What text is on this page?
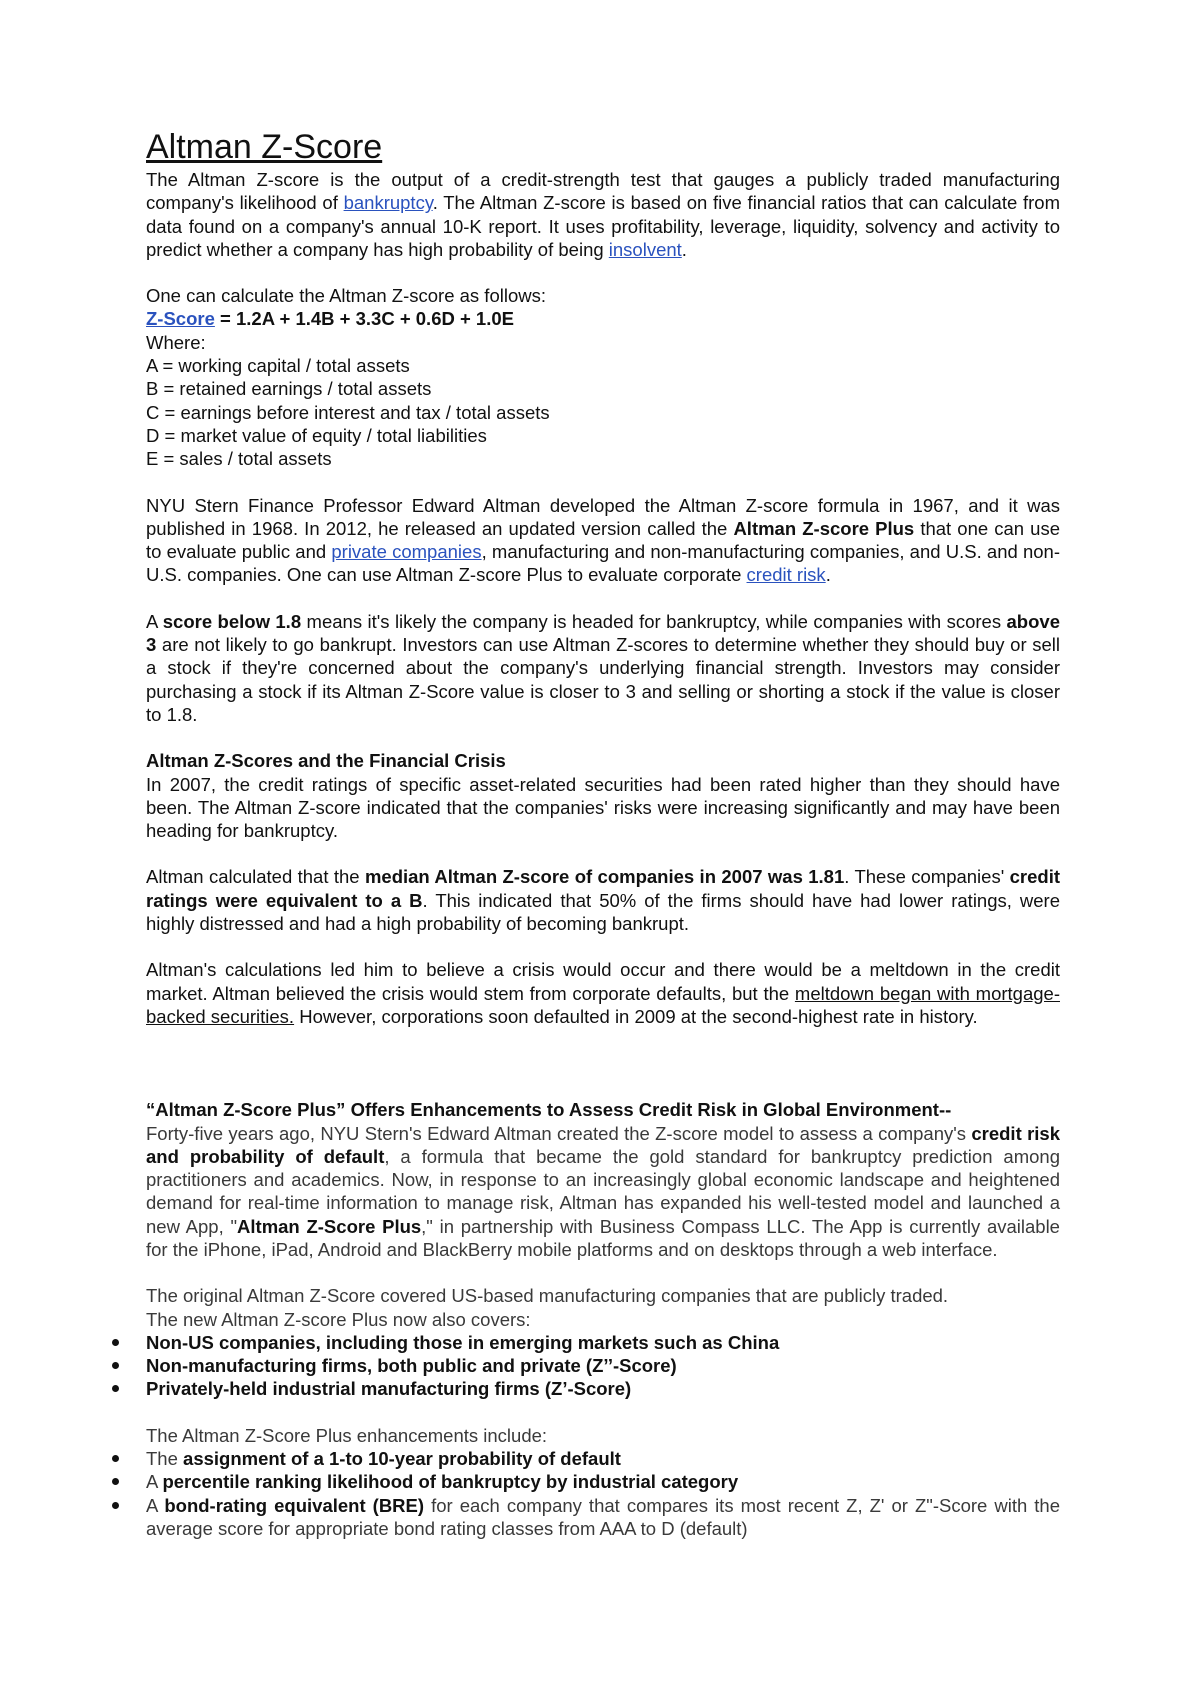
Altman Z-Score

The Altman Z-score is the output of a credit-strength test that gauges a publicly traded manufacturing company's likelihood of bankruptcy. The Altman Z-score is based on five financial ratios that can calculate from data found on a company's annual 10-K report. It uses profitability, leverage, liquidity, solvency and activity to predict whether a company has high probability of being insolvent.

One can calculate the Altman Z-score as follows:
Z-Score = 1.2A + 1.4B + 3.3C + 0.6D + 1.0E
Where:
A = working capital / total assets
B = retained earnings / total assets
C = earnings before interest and tax / total assets
D = market value of equity / total liabilities
E = sales / total assets

NYU Stern Finance Professor Edward Altman developed the Altman Z-score formula in 1967, and it was published in 1968. In 2012, he released an updated version called the Altman Z-score Plus that one can use to evaluate public and private companies, manufacturing and non-manufacturing companies, and U.S. and non-U.S. companies. One can use Altman Z-score Plus to evaluate corporate credit risk.

A score below 1.8 means it's likely the company is headed for bankruptcy, while companies with scores above 3 are not likely to go bankrupt. Investors can use Altman Z-scores to determine whether they should buy or sell a stock if they're concerned about the company's underlying financial strength. Investors may consider purchasing a stock if its Altman Z-Score value is closer to 3 and selling or shorting a stock if the value is closer to 1.8.

Altman Z-Scores and the Financial Crisis

In 2007, the credit ratings of specific asset-related securities had been rated higher than they should have been. The Altman Z-score indicated that the companies' risks were increasing significantly and may have been heading for bankruptcy.

Altman calculated that the median Altman Z-score of companies in 2007 was 1.81. These companies' credit ratings were equivalent to a B. This indicated that 50% of the firms should have had lower ratings, were highly distressed and had a high probability of becoming bankrupt.

Altman's calculations led him to believe a crisis would occur and there would be a meltdown in the credit market. Altman believed the crisis would stem from corporate defaults, but the meltdown began with mortgage-backed securities. However, corporations soon defaulted in 2009 at the second-highest rate in history.

“Altman Z-Score Plus” Offers Enhancements to Assess Credit Risk in Global Environment--

Forty-five years ago, NYU Stern's Edward Altman created the Z-score model to assess a company's credit risk and probability of default, a formula that became the gold standard for bankruptcy prediction among practitioners and academics. Now, in response to an increasingly global economic landscape and heightened demand for real-time information to manage risk, Altman has expanded his well-tested model and launched a new App, "Altman Z-Score Plus," in partnership with Business Compass LLC. The App is currently available for the iPhone, iPad, Android and BlackBerry mobile platforms and on desktops through a web interface.

The original Altman Z-Score covered US-based manufacturing companies that are publicly traded.
The new Altman Z-score Plus now also covers:
Non-US companies, including those in emerging markets such as China
Non-manufacturing firms, both public and private (Z’’-Score)
Privately-held industrial manufacturing firms (Z’-Score)
The Altman Z-Score Plus enhancements include:
The assignment of a 1-to 10-year probability of default
A percentile ranking likelihood of bankruptcy by industrial category
A bond-rating equivalent (BRE) for each company that compares its most recent Z, Z' or Z"-Score with the average score for appropriate bond rating classes from AAA to D (default)
